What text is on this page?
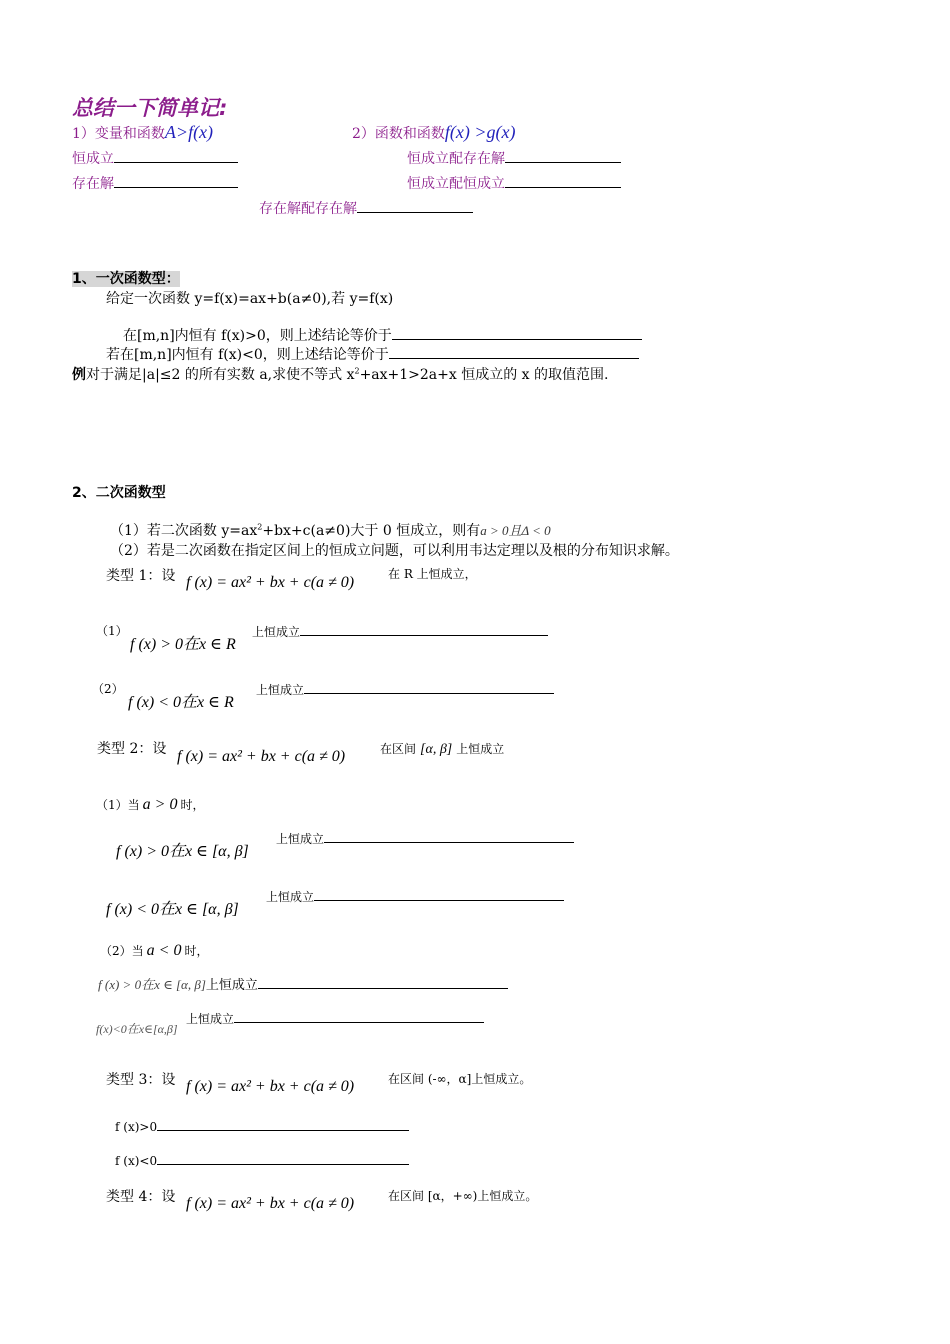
总结一下简单记:
1）变量和函数A>f(x)	2）函数和函数f(x) >g(x)
恒成立
存在解
恒成立配存在解
恒成立配恒成立
存在解配存在解
1、一次函数型：
给定一次函数 y=f(x)=ax+b(a≠0),若 y=f(x)
在[m,n]内恒有 f(x)>0，则上述结论等价于
若在[m,n]内恒有 f(x)<0，则上述结论等价于
例对于满足|a|≤2 的所有实数 a,求使不等式 $x^2+ax+1>2a+x$ 恒成立的 x 的取值范围.
2、二次函数型
（1）若二次函数 $y=ax^2+bx+c(a\ne 0)$大于 0 恒成立，则有a > 0且Δ < 0
（2）若是二次函数在指定区间上的恒成立问题，可以利用韦达定理以及根的分布知识求解。
类型 1：设 f (x) = ax² + bx + c(a ≠ 0)	在 R 上恒成立，
（1）
f (x) > 0在x ∈ R
上恒成立
（2）
f (x) < 0在x ∈ R
上恒成立
类型 2：设 f (x) = ax² + bx + c(a ≠ 0)	在区间 [α, β] 上恒成立
（1）当 a > 0 时，
f (x) > 0在x ∈ [α, β]
上恒成立
f (x) < 0在x ∈ [α, β]
上恒成立
（2）当 a < 0 时，
f (x) > 0在x ∈ [α, β]上恒成立
f(x)<0在x∈[α,β]
上恒成立
类型 3：设 f (x) = ax² + bx + c(a ≠ 0)	在区间 (-∞，α]上恒成立。
f (x)>0
f (x)<0
类型 4：设 f (x) = ax² + bx + c(a ≠ 0)	在区间 [α，+∞)上恒成立。
